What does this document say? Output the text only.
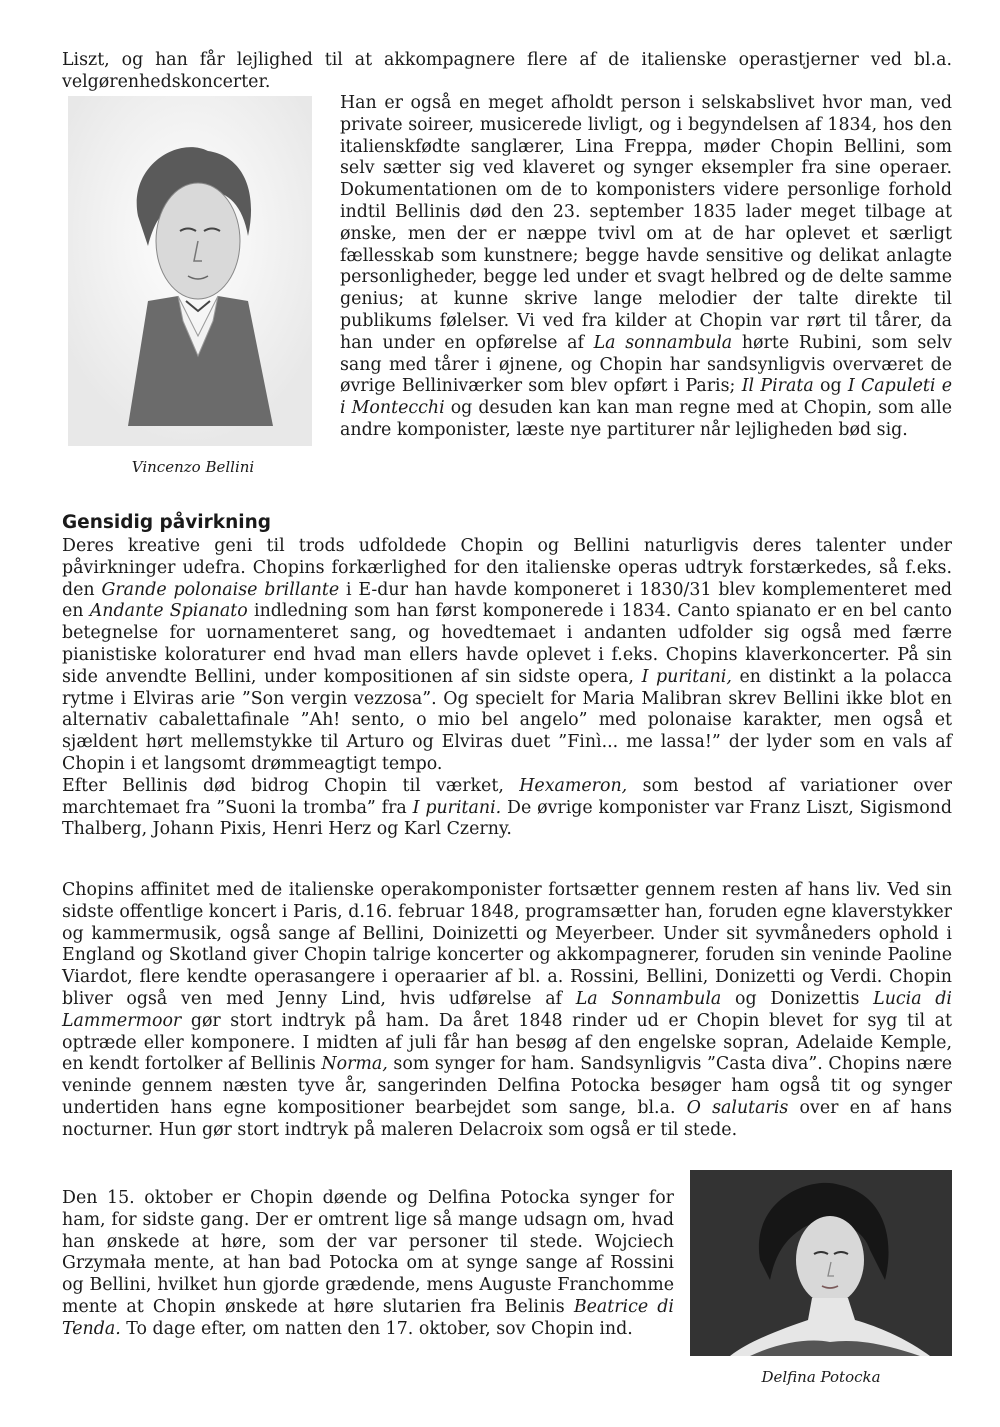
Liszt, og han får lejlighed til at akkompagnere flere af de italienske operastjerner ved bl.a. velgørenhedskoncerter.

Vincenzo Bellini

Han er også en meget afholdt person i selskabslivet hvor man, ved private soireer, musicerede livligt, og i begyndelsen af 1834, hos den italienskfødte sanglærer, Lina Freppa, møder Chopin Bellini, som selv sætter sig ved klaveret og synger eksempler fra sine operaer. Dokumentationen om de to komponisters videre personlige forhold indtil Bellinis død den 23. september 1835 lader meget tilbage at ønske, men der er næppe tvivl om at de har oplevet et særligt fællesskab som kunstnere; begge havde sensitive og delikat anlagte personligheder, begge led under et svagt helbred og de delte samme genius; at kunne skrive lange melodier der talte direkte til publikums følelser. Vi ved fra kilder at Chopin var rørt til tårer, da han under en opførelse af La sonnambula hørte Rubini, som selv sang med tårer i øjnene, og Chopin har sandsynligvis overværet de øvrige Belliniværker som blev opført i Paris; Il Pirata og I Capuleti e i Montecchi og desuden kan kan man regne med at Chopin, som alle andre komponister, læste nye partiturer når lejligheden bød sig.

Gensidig påvirkning

Deres kreative geni til trods udfoldede Chopin og Bellini naturligvis deres talenter under påvirkninger udefra. Chopins forkærlighed for den italienske operas udtryk forstærkedes, så f.eks. den Grande polonaise brillante i E-dur han havde komponeret i 1830/31 blev komplementeret med en Andante Spianato indledning som han først komponerede i 1834. Canto spianato er en bel canto betegnelse for uornamenteret sang, og hovedtemaet i andanten udfolder sig også med færre pianistiske koloraturer end hvad man ellers havde oplevet i f.eks. Chopins klaverkoncerter. På sin side anvendte Bellini, under kompositionen af sin sidste opera, I puritani, en distinkt a la polacca rytme i Elviras arie ”Son vergin vezzosa”. Og specielt for Maria Malibran skrev Bellini ikke blot en alternativ cabalettafinale ”Ah! sento, o mio bel angelo” med polonaise karakter, men også et sjældent hørt mellemstykke til Arturo og Elviras duet ”Finì... me lassa!” der lyder som en vals af Chopin i et langsomt drømmeagtigt tempo.

Efter Bellinis død bidrog Chopin til værket, Hexameron, som bestod af variationer over marchtemaet fra ”Suoni la tromba” fra I puritani. De øvrige komponister var Franz Liszt, Sigismond Thalberg, Johann Pixis, Henri Herz og Karl Czerny.

Chopins affinitet med de italienske operakomponister fortsætter gennem resten af hans liv. Ved sin sidste offentlige koncert i Paris, d.16. februar 1848, programsætter han, foruden egne klaverstykker og kammermusik, også sange af Bellini, Doinizetti og Meyerbeer. Under sit syvmåneders ophold i England og Skotland giver Chopin talrige koncerter og akkompagnerer, foruden sin veninde Paoline Viardot, flere kendte operasangere i operaarier af bl. a. Rossini, Bellini, Donizetti og Verdi. Chopin bliver også ven med Jenny Lind, hvis udførelse af La Sonnambula og Donizettis Lucia di Lammermoor gør stort indtryk på ham. Da året 1848 rinder ud er Chopin blevet for syg til at optræde eller komponere. I midten af juli får han besøg af den engelske sopran, Adelaide Kemple, en kendt fortolker af Bellinis Norma, som synger for ham. Sandsynligvis ”Casta diva”. Chopins nære veninde gennem næsten tyve år, sangerinden Delfina Potocka besøger ham også tit og synger undertiden hans egne kompositioner bearbejdet som sange, bl.a. O salutaris over en af hans nocturner. Hun gør stort indtryk på maleren Delacroix som også er til stede.

Den 15. oktober er Chopin døende og Delfina Potocka synger for ham, for sidste gang. Der er omtrent lige så mange udsagn om, hvad han ønskede at høre, som der var personer til stede. Wojciech Grzymała mente, at han bad Potocka om at synge sange af Rossini og Bellini, hvilket hun gjorde grædende, mens Auguste Franchomme mente at Chopin ønskede at høre slutarien fra Belinis Beatrice di Tenda. To dage efter, om natten den 17. oktober, sov Chopin ind.

Delfina Potocka
